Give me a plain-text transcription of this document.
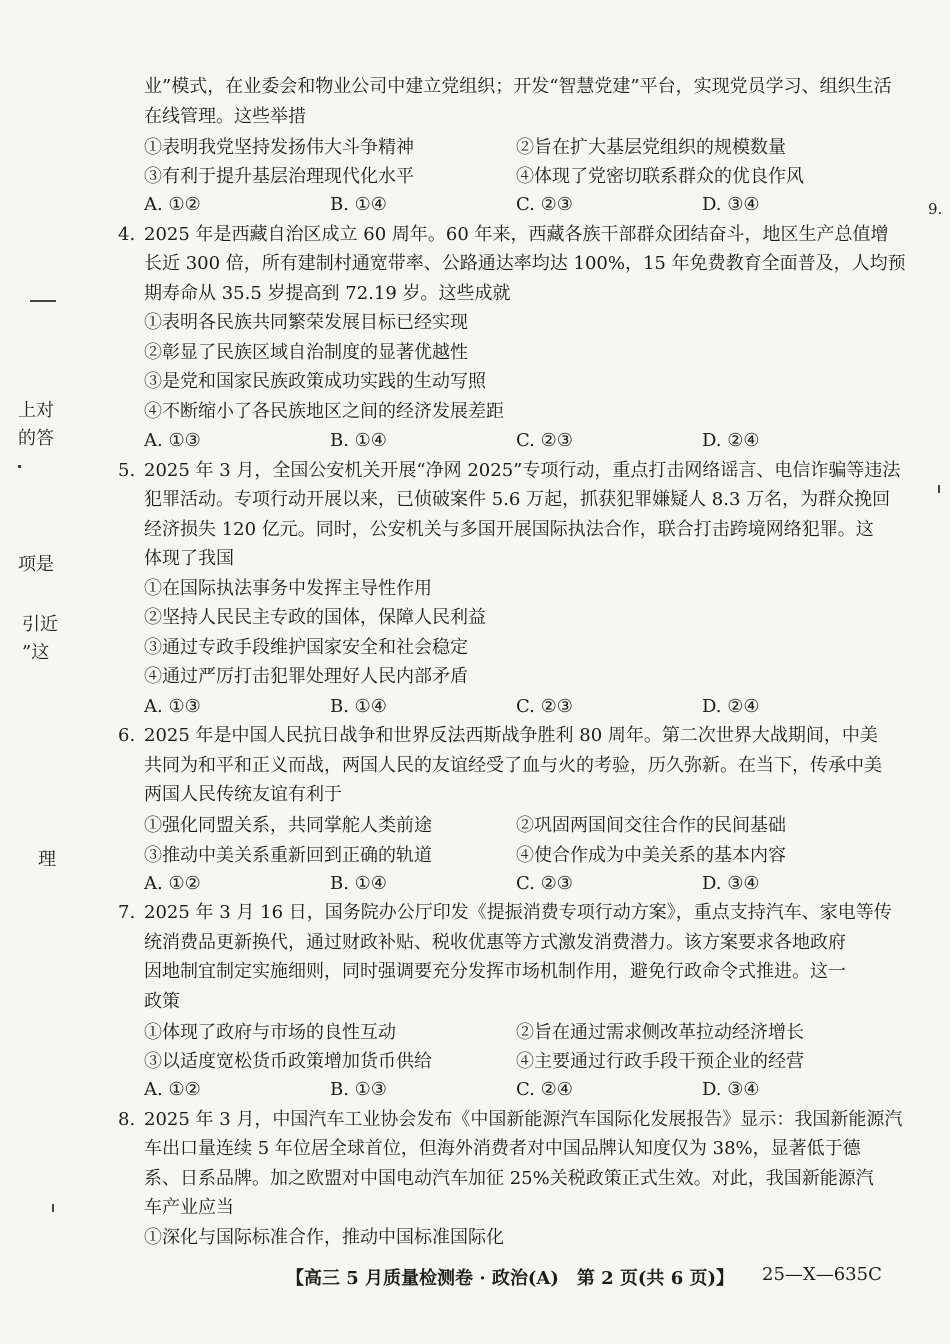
上对
的答
项是
引近
”这
理
9.
业”模式，在业委会和物业公司中建立党组织；开发“智慧党建”平台，实现党员学习、组织生活
在线管理。这些举措
①表明我党坚持发扬伟大斗争精神	②旨在扩大基层党组织的规模数量
③有利于提升基层治理现代化水平	④体现了党密切联系群众的优良作风
A. ①②	B. ①④	C. ②③	D. ③④
4. 2025 年是西藏自治区成立 60 周年。60 年来，西藏各族干部群众团结奋斗，地区生产总值增
长近 300 倍，所有建制村通宽带率、公路通达率均达 100%，15 年免费教育全面普及，人均预
期寿命从 35.5 岁提高到 72.19 岁。这些成就
①表明各民族共同繁荣发展目标已经实现
②彰显了民族区域自治制度的显著优越性
③是党和国家民族政策成功实践的生动写照
④不断缩小了各民族地区之间的经济发展差距
A. ①③	B. ①④	C. ②③	D. ②④
5. 2025 年 3 月，全国公安机关开展“净网 2025”专项行动，重点打击网络谣言、电信诈骗等违法
犯罪活动。专项行动开展以来，已侦破案件 5.6 万起，抓获犯罪嫌疑人 8.3 万名，为群众挽回
经济损失 120 亿元。同时，公安机关与多国开展国际执法合作，联合打击跨境网络犯罪。这
体现了我国
①在国际执法事务中发挥主导性作用
②坚持人民民主专政的国体，保障人民利益
③通过专政手段维护国家安全和社会稳定
④通过严厉打击犯罪处理好人民内部矛盾
A. ①③	B. ①④	C. ②③	D. ②④
6. 2025 年是中国人民抗日战争和世界反法西斯战争胜利 80 周年。第二次世界大战期间，中美
共同为和平和正义而战，两国人民的友谊经受了血与火的考验，历久弥新。在当下，传承中美
两国人民传统友谊有利于
①强化同盟关系，共同掌舵人类前途	②巩固两国间交往合作的民间基础
③推动中美关系重新回到正确的轨道	④使合作成为中美关系的基本内容
A. ①②	B. ①④	C. ②③	D. ③④
7. 2025 年 3 月 16 日，国务院办公厅印发《提振消费专项行动方案》，重点支持汽车、家电等传
统消费品更新换代，通过财政补贴、税收优惠等方式激发消费潜力。该方案要求各地政府
因地制宜制定实施细则，同时强调要充分发挥市场机制作用，避免行政命令式推进。这一
政策
①体现了政府与市场的良性互动	②旨在通过需求侧改革拉动经济增长
③以适度宽松货币政策增加货币供给	④主要通过行政手段干预企业的经营
A. ①②	B. ①③	C. ②④	D. ③④
8. 2025 年 3 月，中国汽车工业协会发布《中国新能源汽车国际化发展报告》显示：我国新能源汽
车出口量连续 5 年位居全球首位，但海外消费者对中国品牌认知度仅为 38%，显著低于德
系、日系品牌。加之欧盟对中国电动汽车加征 25%关税政策正式生效。对此，我国新能源汽
车产业应当
①深化与国际标准合作，推动中国标准国际化
【高三 5 月质量检测卷 · 政治(A)　第 2 页(共 6 页)】 25—X—635C
